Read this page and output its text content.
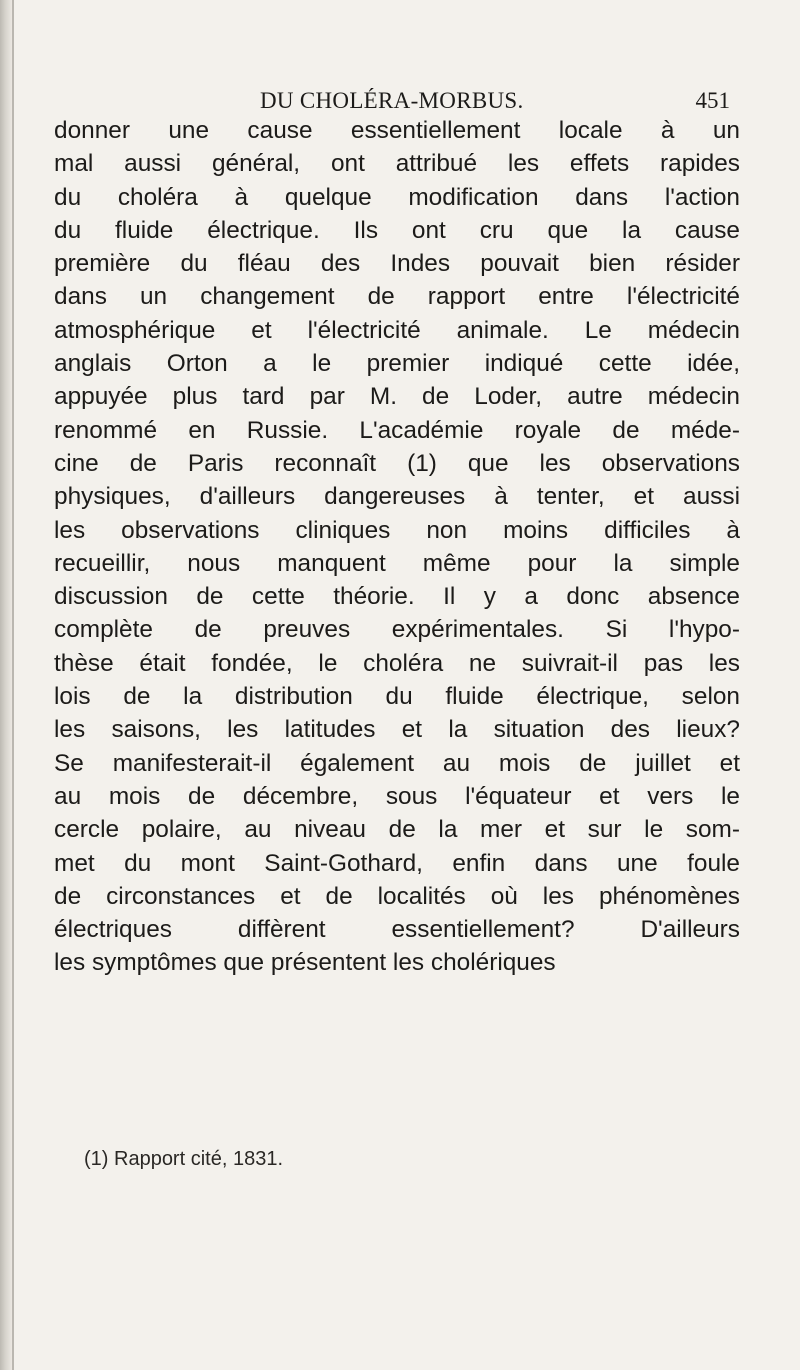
DU CHOLÉRA-MORBUS.	451
donner une cause essentiellement locale à un
mal aussi général, ont attribué les effets rapides
du choléra à quelque modification dans l'action
du fluide électrique. Ils ont cru que la cause
première du fléau des Indes pouvait bien résider
dans un changement de rapport entre l'électricité
atmosphérique et l'électricité animale. Le médecin
anglais Orton a le premier indiqué cette idée,
appuyée plus tard par M. de Loder, autre médecin
renommé en Russie. L'académie royale de méde-
cine de Paris reconnaît (1) que les observations
physiques, d'ailleurs dangereuses à tenter, et aussi
les observations cliniques non moins difficiles à
recueillir, nous manquent même pour la simple
discussion de cette théorie. Il y a donc absence
complète de preuves expérimentales. Si l'hypo-
thèse était fondée, le choléra ne suivrait-il pas les
lois de la distribution du fluide électrique, selon
les saisons, les latitudes et la situation des lieux?
Se manifesterait-il également au mois de juillet et
au mois de décembre, sous l'équateur et vers le
cercle polaire, au niveau de la mer et sur le som-
met du mont Saint-Gothard, enfin dans une foule
de circonstances et de localités où les phénomènes
électriques diffèrent essentiellement? D'ailleurs
les symptômes que présentent les cholériques
(1) Rapport cité, 1831.
